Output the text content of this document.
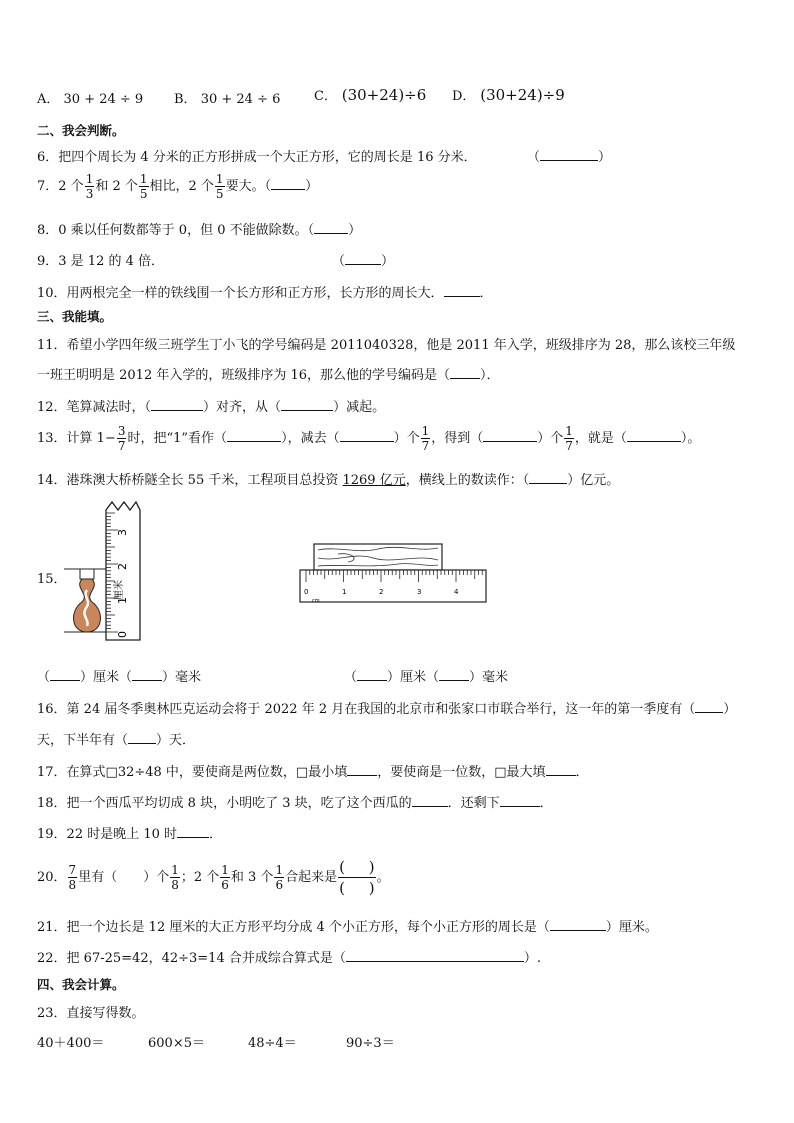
A． 30 + 24 ÷ 9 B． 30 + 24 ÷ 6	C． (30+24)÷6 D． (30+24)÷9
二、我会判断。
6．把四个周长为 4 分米的正方形拼成一个大正方形，它的周长是 16 分米．	（	）
7．2 个 $\frac{1}{3}$ 和 2 个 $\frac{1}{5}$ 相比，2 个 $\frac{1}{5}$ 要大。（	）
8．0 乘以任何数都等于 0，但 0 不能做除数。（	）
9．3 是 12 的 4 倍．	（	）
10．用两根完全一样的铁线围一个长方形和正方形，长方形的周长大．	．
三、我能填。
11．希望小学四年级三班学生丁小飞的学号编码是 2011040328，他是 2011 年入学，班级排序为 28，那么该校三年级
一班王明明是 2012 年入学的，班级排序为 16，那么他的学号编码是（ ）．
12．笔算减法时，（	）对齐，从（	）减起。
13．计算 $1- \frac{3}{7}$ 时，把“1”看作（	），减去（	）个 $\frac{1}{7}$ ，得到（	）个 $\frac{1}{7}$ ，就是（	）。
14．港珠澳大桥桥隧全长 55 千米，工程项目总投资 1269 亿元，横线上的数读作：（	）亿元。
15．
厘米
0
1
2
3
0	1	2	3	4
cm
（ ）厘米（ ）毫米	（ ）厘米（ ）毫米
16．第 24 届冬季奥林匹克运动会将于 2022 年 2 月在我国的北京市和张家口市联合举行，这一年的第一季度有（ ）
天，下半年有（ ）天．
17．在算式□32÷48 中，要使商是两位数，□最小填 ，要使商是一位数，□最大填 ．
18．把一个西瓜平均切成 8 块，小明吃了 3 块，吃了这个西瓜的	．还剩下	．
19．22 时是晚上 10 时 ．
20． $\frac{7}{8}$ 里有（　　）个 $\frac{1}{8}$ ；2 个 $\frac{1}{6}$ 和 3 个 $\frac{1}{6}$ 合起来是 $\frac{( )}{( )}$ 。
21．把一个边长是 12 厘米的大正方形平均分成 4 个小正方形，每个小正方形的周长是（	）厘米。
22．把 67-25=42，42÷3=14 合并成综合算式是（	）.
四、我会计算。
23．直接写得数。
40＋400＝	600×5＝	48÷4＝	90÷3＝
